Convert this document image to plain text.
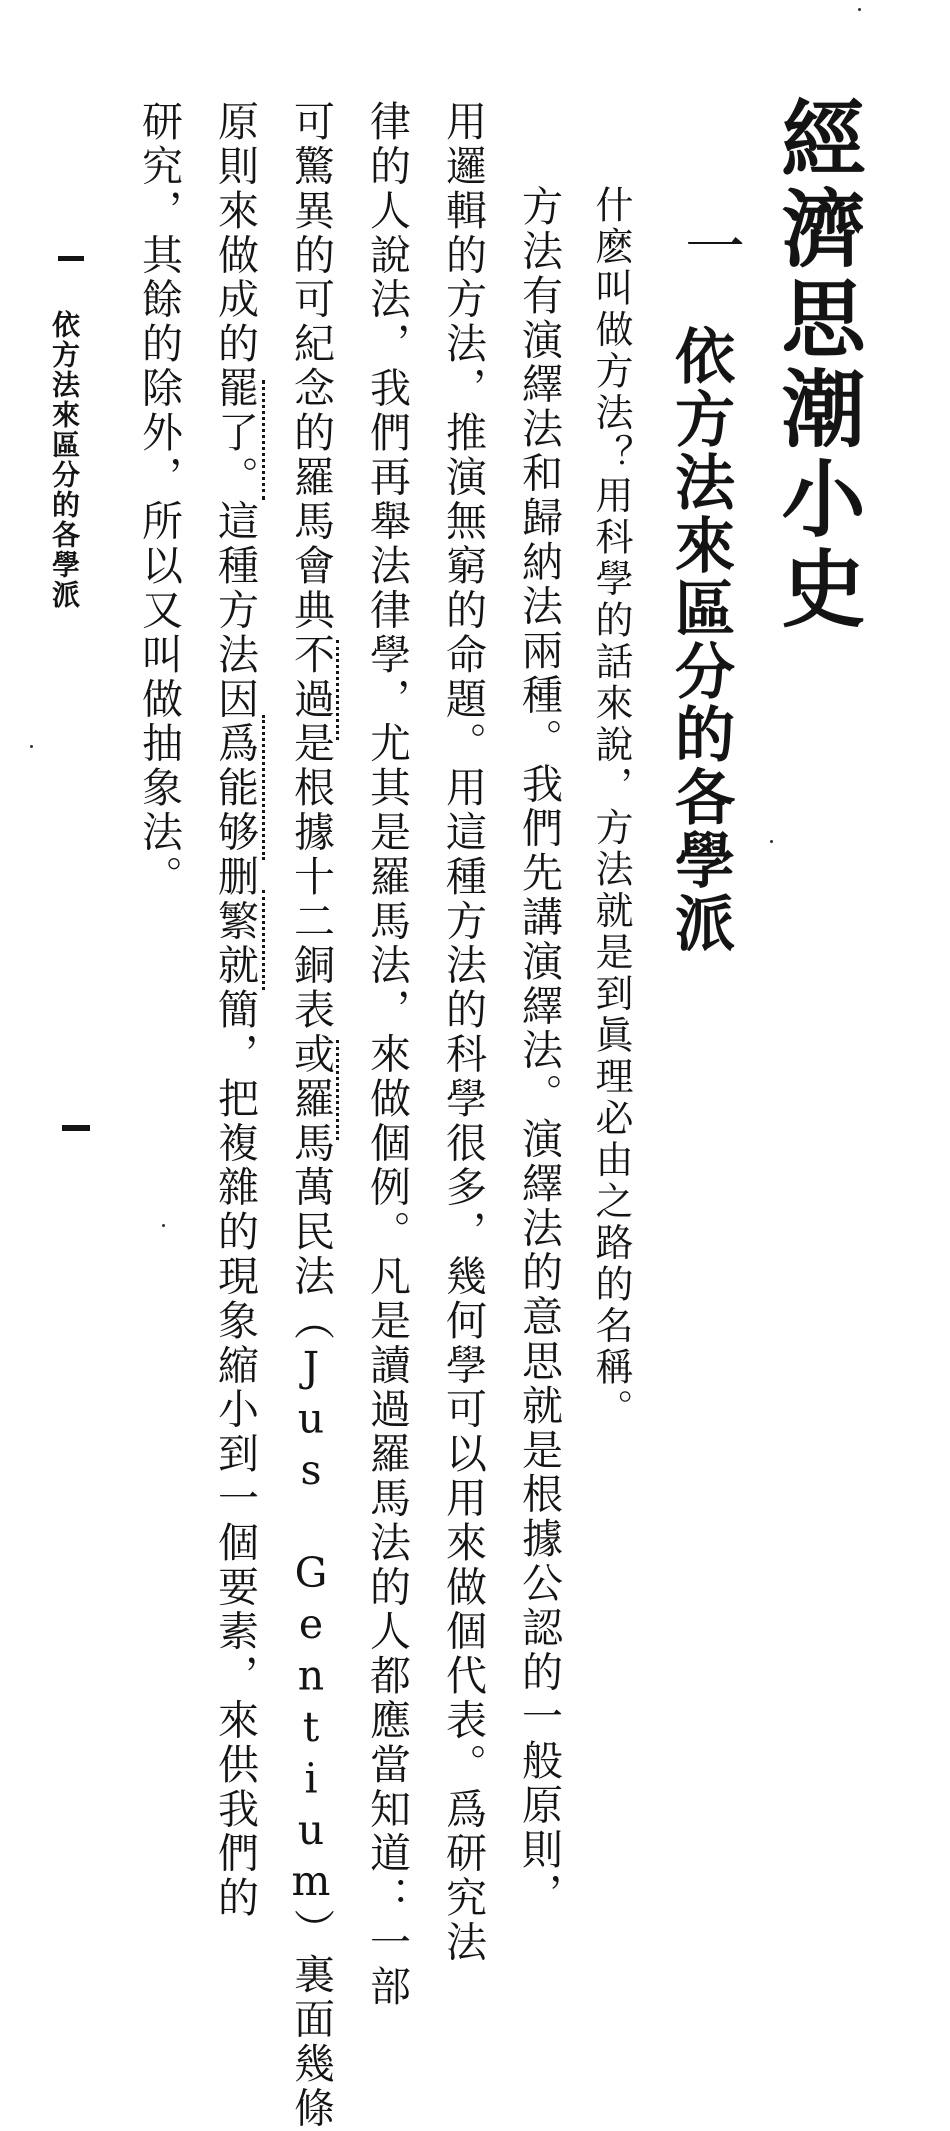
經濟思潮小史
一
依方法來區分的各學派
什麽叫做方法？用科學的話來說，方法就是到眞理必由之路的名稱。
方法有演繹法和歸納法兩種。我們先講演繹法。演繹法的意思就是根據公認的一般原則，
用邏輯的方法，推演無窮的命題。用這種方法的科學很多，幾何學可以用來做個代表。爲研究法
律的人說法，我們再舉法律學，尤其是羅馬法，來做個例。凡是讀過羅馬法的人都應當知道：一部
可驚異的可紀念的羅馬會典不過是根據十二銅表或羅馬萬民法（Jus Gentium）裏面幾條
原則來做成的罷了。這種方法因爲能够删繁就簡，把複雜的現象縮小到一個要素，來供我們的
研究，其餘的除外，所以又叫做抽象法。
依方法來區分的各學派
